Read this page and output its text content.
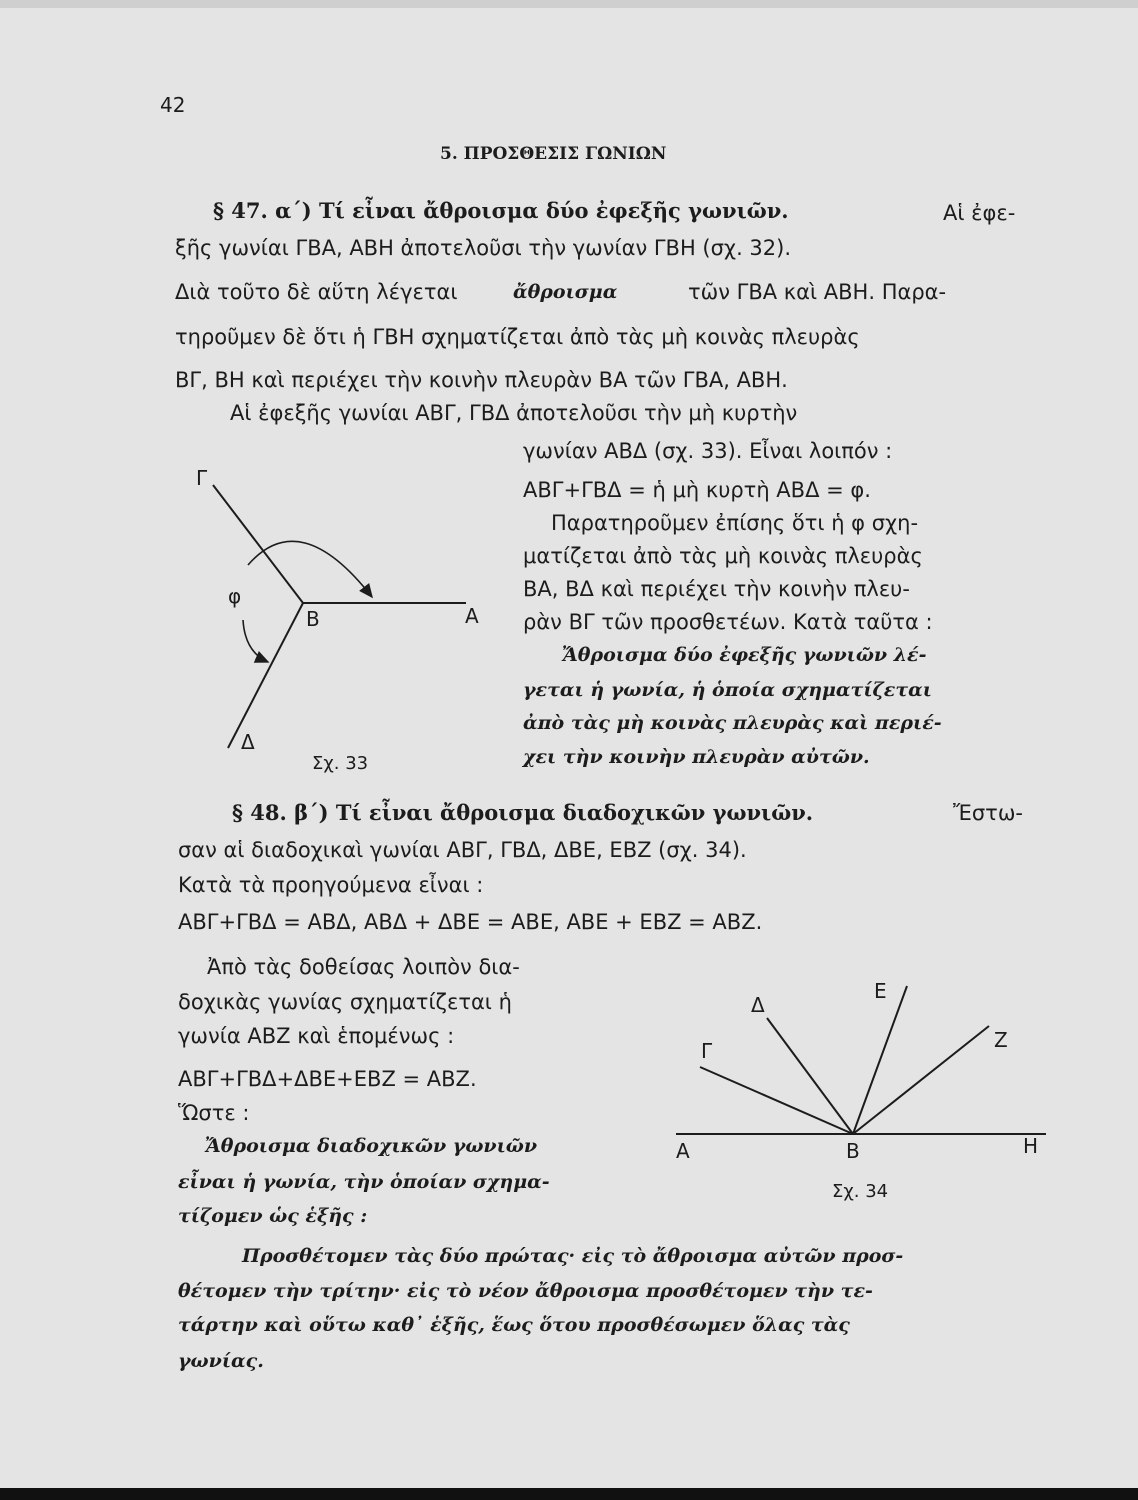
42
5. ΠΡΟΣΘΕΣΙΣ ΓΩΝΙΩΝ
§ 47. α΄) Τί εἶναι ἄθροισμα δύο ἐφεξῆς γωνιῶν.	Αἱ ἐφε-
ξῆς γωνίαι ΓΒΑ, ΑΒΗ ἀποτελοῦσι τὴν γωνίαν ΓΒΗ (σχ. 32).
Διὰ τοῦτο δὲ αὕτη λέγεται	ἄθροισμα	τῶν ΓΒΑ καὶ ΑΒΗ. Παρα-
τηροῦμεν δὲ ὅτι ἡ ΓΒΗ σχηματίζεται ἀπὸ τὰς μὴ κοινὰς πλευρὰς
ΒΓ, ΒΗ καὶ περιέχει τὴν κοινὴν πλευρὰν ΒΑ τῶν ΓΒΑ, ΑΒΗ.
Αἱ ἐφεξῆς γωνίαι ΑΒΓ, ΓΒΔ ἀποτελοῦσι τὴν μὴ κυρτὴν
γωνίαν ΑΒΔ (σχ. 33). Εἶναι λοιπόν :
ΑΒΓ+ΓΒΔ = ἡ μὴ κυρτὴ ΑΒΔ = φ.
Παρατηροῦμεν ἐπίσης ὅτι ἡ φ σχη-
ματίζεται ἀπὸ τὰς μὴ κοινὰς πλευρὰς
ΒΑ, ΒΔ καὶ περιέχει τὴν κοινὴν πλευ-
ρὰν ΒΓ τῶν προσθετέων. Κατὰ ταῦτα :
Ἄθροισμα δύο ἐφεξῆς γωνιῶν λέ-
γεται ἡ γωνία, ἡ ὁποία σχηματίζεται
ἀπὸ τὰς μὴ κοινὰς πλευρὰς καὶ περιέ-
χει τὴν κοινὴν πλευρὰν αὐτῶν.
Γ
φ
Β	Α
Δ
Σχ. 33
§ 48. β΄) Τί εἶναι ἄθροισμα διαδοχικῶν γωνιῶν.	Ἔστω-
σαν αἱ διαδοχικαὶ γωνίαι ΑΒΓ, ΓΒΔ, ΔΒΕ, ΕΒΖ (σχ. 34).
Κατὰ τὰ προηγούμενα εἶναι :
ΑΒΓ+ΓΒΔ = ΑΒΔ, ΑΒΔ + ΔΒΕ = ΑΒΕ, ΑΒΕ + ΕΒΖ = ΑΒΖ.
Ἀπὸ τὰς δοθείσας λοιπὸν δια-
δοχικὰς γωνίας σχηματίζεται ἡ
γωνία ΑΒΖ καὶ ἑπομένως :
ΑΒΓ+ΓΒΔ+ΔΒΕ+ΕΒΖ = ΑΒΖ.
Ὥστε :
Ἄθροισμα διαδοχικῶν γωνιῶν
εἶναι ἡ γωνία, τὴν ὁποίαν σχημα-
τίζομεν ὡς ἑξῆς :
Προσθέτομεν τὰς δύο πρώτας· εἰς τὸ ἄθροισμα αὐτῶν προσ-
θέτομεν τὴν τρίτην· εἰς τὸ νέον ἄθροισμα προσθέτομεν τὴν τε-
τάρτην καὶ οὕτω καθ᾿ ἑξῆς, ἕως ὅτου προσθέσωμεν ὅλας τὰς
γωνίας.
Δ
Ε
Γ	Ζ
Α	Β	Η
Σχ. 34
